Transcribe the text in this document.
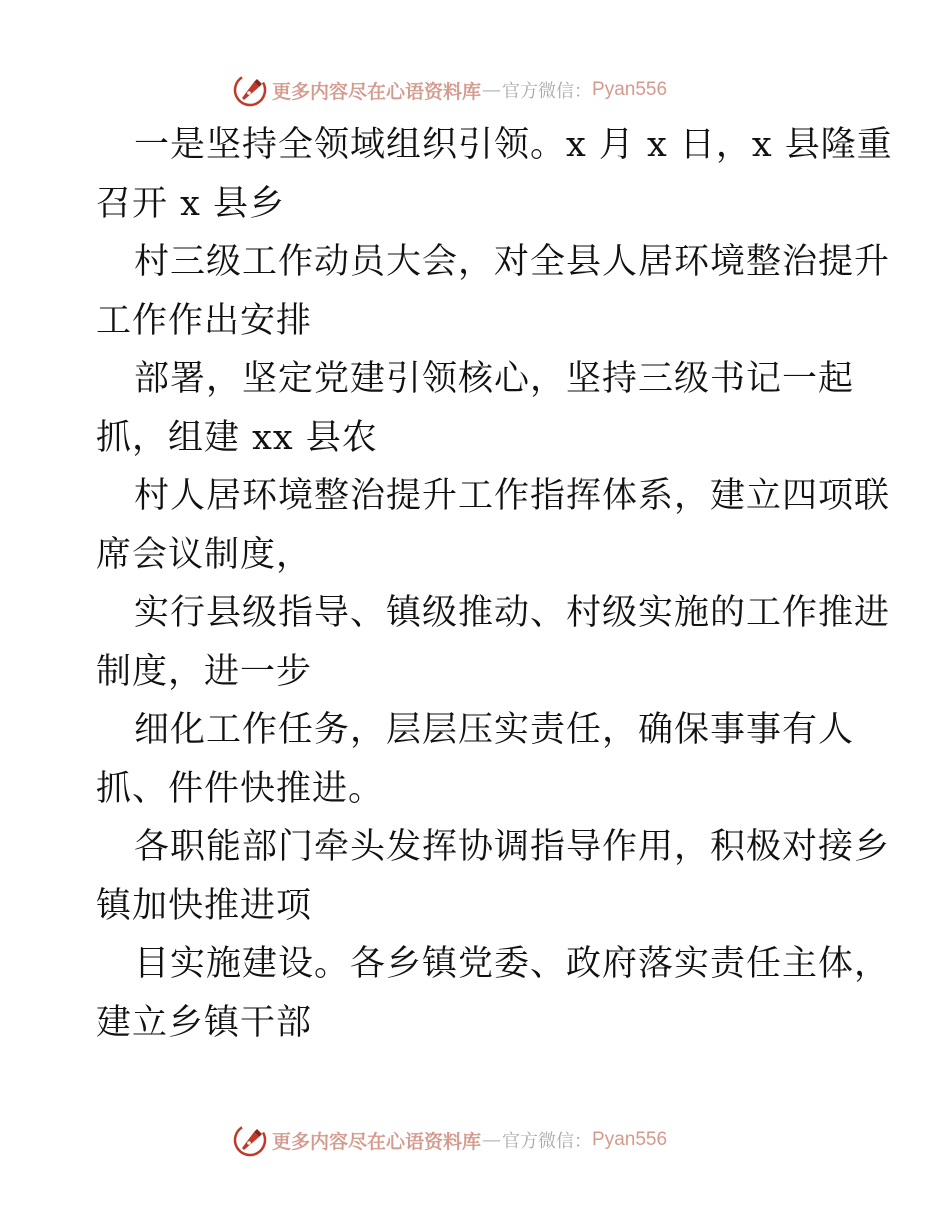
更多内容尽在心语资料库 — 官方微信： Pyan556
一是坚持全领域组织引领。x 月 x 日，x 县隆重
召开 x 县乡
村三级工作动员大会，对全县人居环境整治提升
工作作出安排
部署，坚定党建引领核心，坚持三级书记一起
抓，组建 xx 县农
村人居环境整治提升工作指挥体系，建立四项联
席会议制度，
实行县级指导、镇级推动、村级实施的工作推进
制度，进一步
细化工作任务，层层压实责任，确保事事有人
抓、件件快推进。
各职能部门牵头发挥协调指导作用，积极对接乡
镇加快推进项
目实施建设。各乡镇党委、政府落实责任主体，
建立乡镇干部
更多内容尽在心语资料库 — 官方微信： Pyan556
